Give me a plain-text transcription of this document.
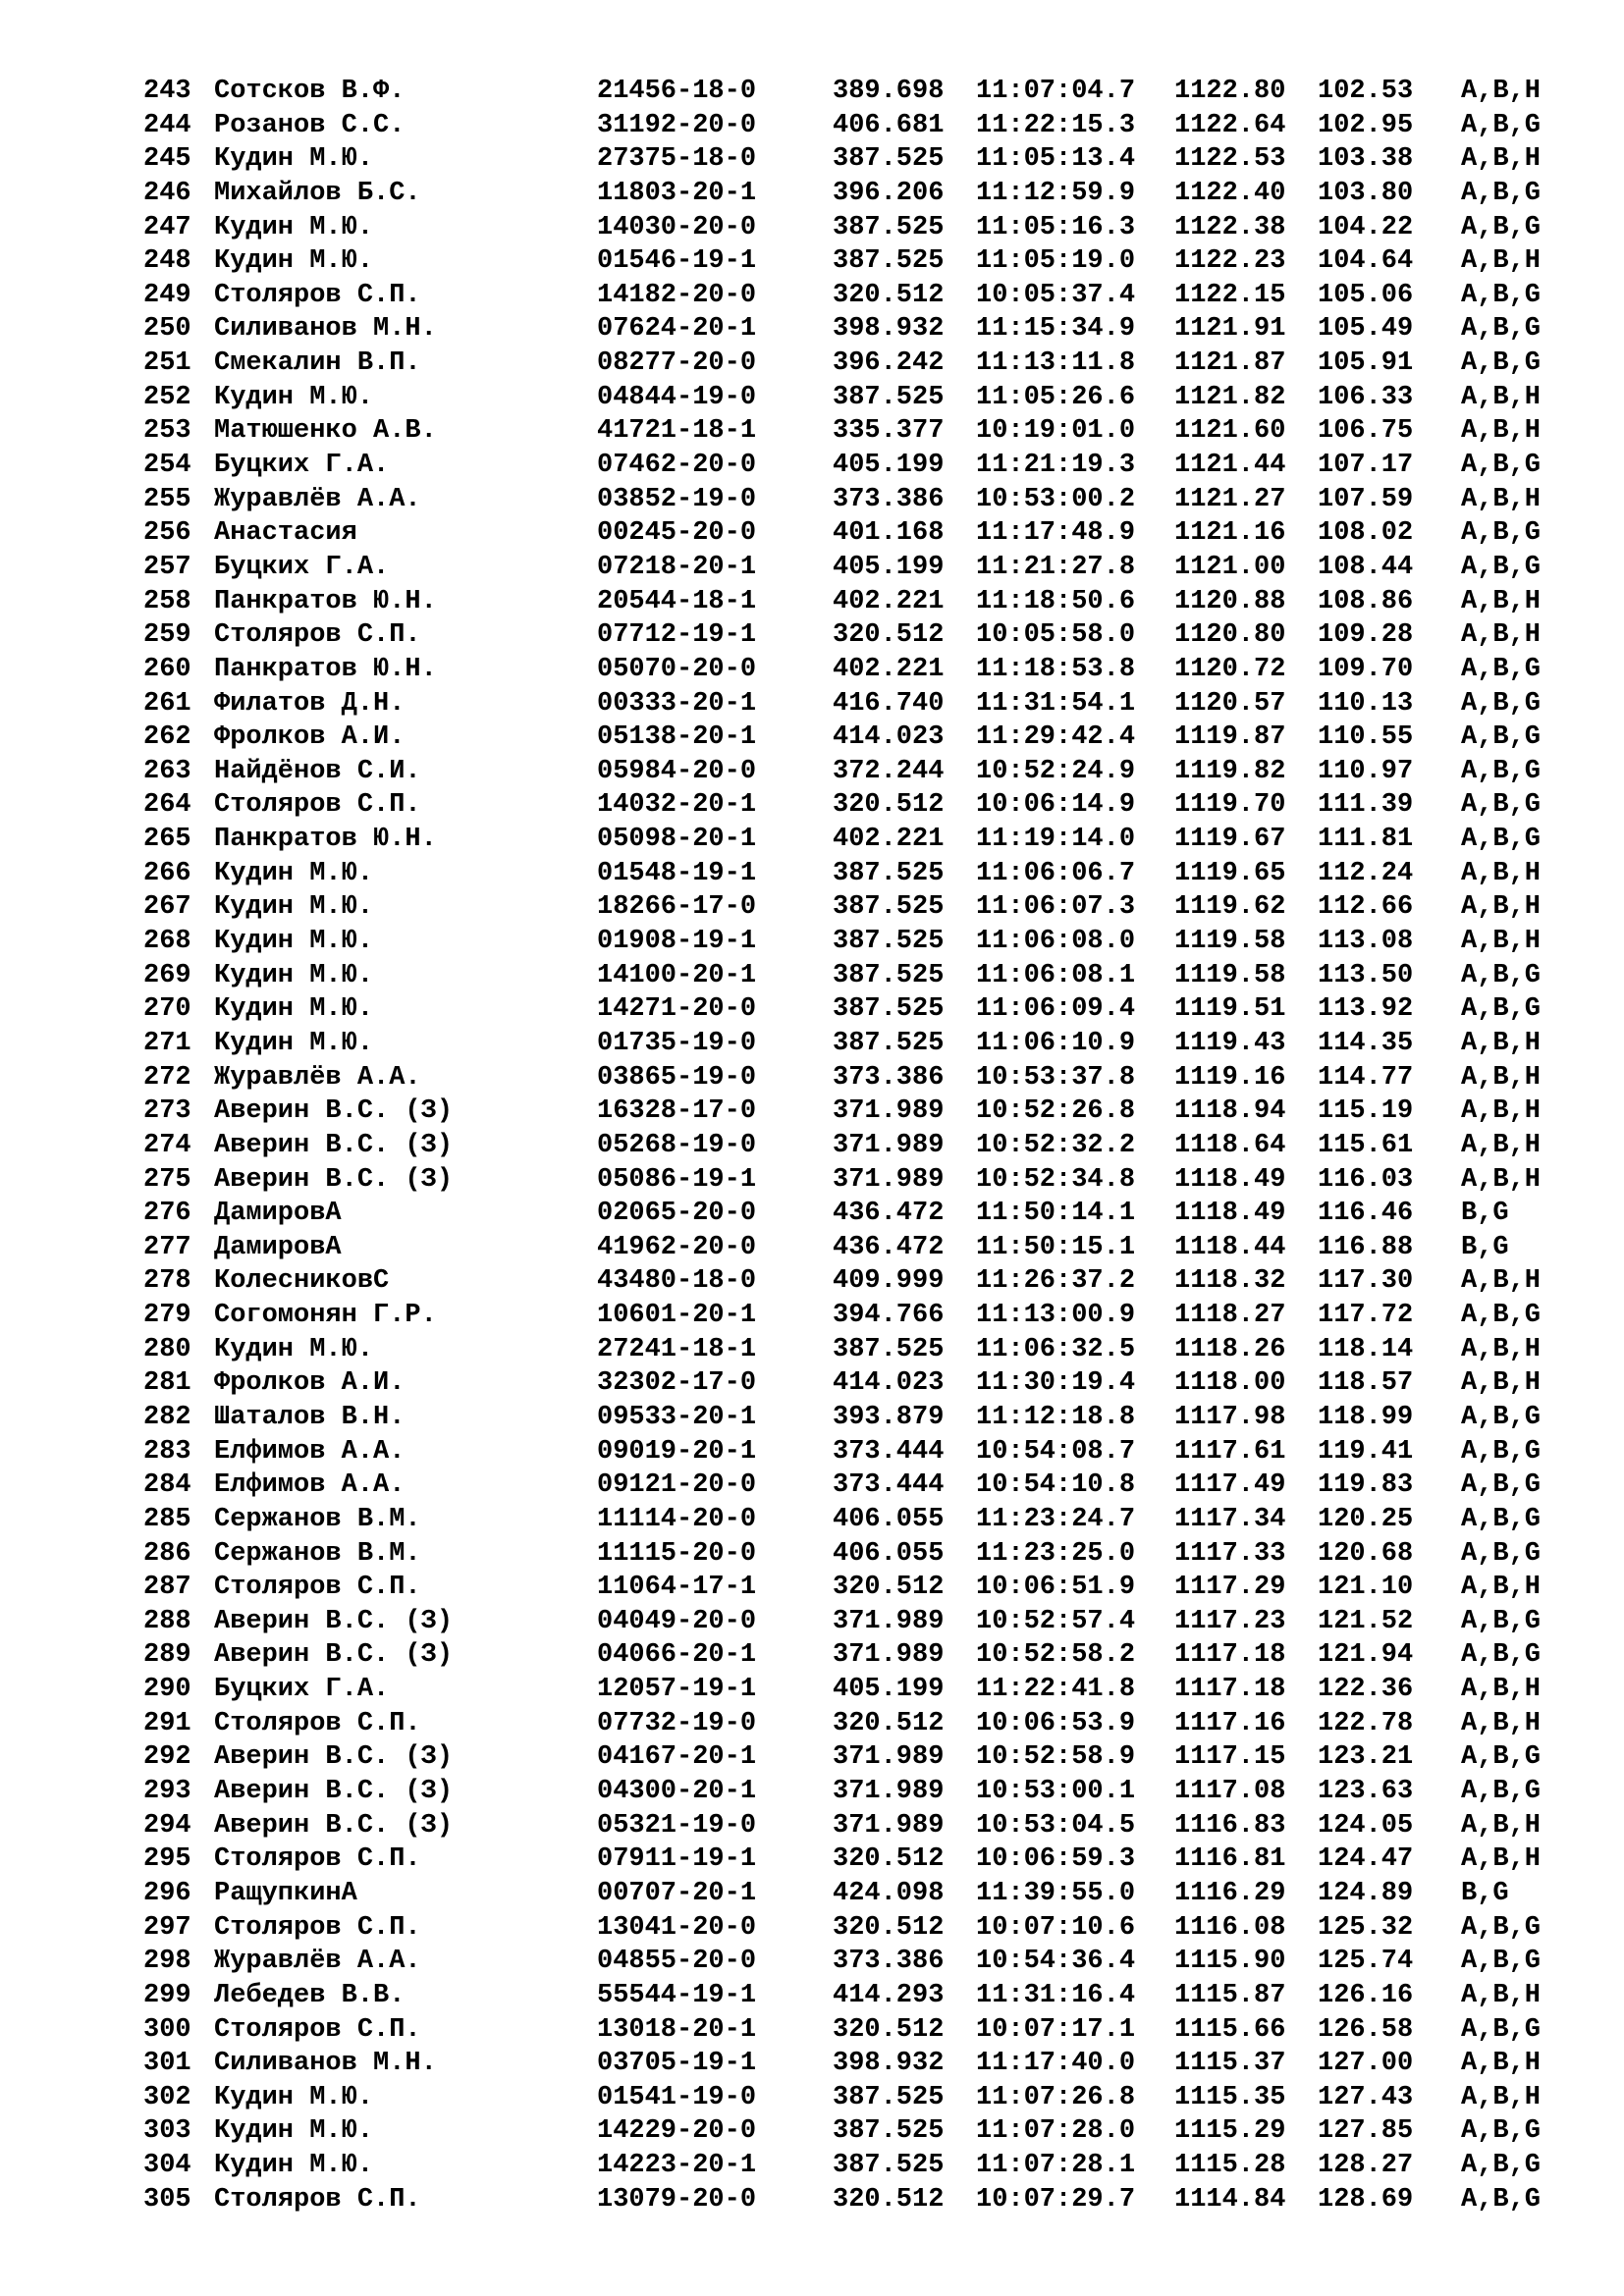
243 Сотсков В.Ф.	21456-18-0	389.698 11:07:04.7 1122.80 102.53 A,B,H
244 Розанов С.С.	31192-20-0	406.681 11:22:15.3 1122.64 102.95 A,B,G
245 Кудин М.Ю.	27375-18-0	387.525 11:05:13.4 1122.53 103.38 A,B,H
246 Михайлов Б.С.	11803-20-1	396.206 11:12:59.9 1122.40 103.80 A,B,G
247 Кудин М.Ю.	14030-20-0	387.525 11:05:16.3 1122.38 104.22 A,B,G
248 Кудин М.Ю.	01546-19-1	387.525 11:05:19.0 1122.23 104.64 A,B,H
249 Столяров С.П.	14182-20-0	320.512 10:05:37.4 1122.15 105.06 A,B,G
250 Силиванов М.Н.	07624-20-1	398.932 11:15:34.9 1121.91 105.49 A,B,G
251 Смекалин В.П.	08277-20-0	396.242 11:13:11.8 1121.87 105.91 A,B,G
252 Кудин М.Ю.	04844-19-0	387.525 11:05:26.6 1121.82 106.33 A,B,H
253 Матюшенко А.В.	41721-18-1	335.377 10:19:01.0 1121.60 106.75 A,B,H
254 Буцких Г.А.	07462-20-0	405.199 11:21:19.3 1121.44 107.17 A,B,G
255 Журавлёв А.А.	03852-19-0	373.386 10:53:00.2 1121.27 107.59 A,B,H
256 Анастасия	00245-20-0	401.168 11:17:48.9 1121.16 108.02 A,B,G
257 Буцких Г.А.	07218-20-1	405.199 11:21:27.8 1121.00 108.44 A,B,G
258 Панкратов Ю.Н.	20544-18-1	402.221 11:18:50.6 1120.88 108.86 A,B,H
259 Столяров С.П.	07712-19-1	320.512 10:05:58.0 1120.80 109.28 A,B,H
260 Панкратов Ю.Н.	05070-20-0	402.221 11:18:53.8 1120.72 109.70 A,B,G
261 Филатов Д.Н.	00333-20-1	416.740 11:31:54.1 1120.57 110.13 A,B,G
262 Фролков А.И.	05138-20-1	414.023 11:29:42.4 1119.87 110.55 A,B,G
263 Найдёнов С.И.	05984-20-0	372.244 10:52:24.9 1119.82 110.97 A,B,G
264 Столяров С.П.	14032-20-1	320.512 10:06:14.9 1119.70 111.39 A,B,G
265 Панкратов Ю.Н.	05098-20-1	402.221 11:19:14.0 1119.67 111.81 A,B,G
266 Кудин М.Ю.	01548-19-1	387.525 11:06:06.7 1119.65 112.24 A,B,H
267 Кудин М.Ю.	18266-17-0	387.525 11:06:07.3 1119.62 112.66 A,B,H
268 Кудин М.Ю.	01908-19-1	387.525 11:06:08.0 1119.58 113.08 A,B,H
269 Кудин М.Ю.	14100-20-1	387.525 11:06:08.1 1119.58 113.50 A,B,G
270 Кудин М.Ю.	14271-20-0	387.525 11:06:09.4 1119.51 113.92 A,B,G
271 Кудин М.Ю.	01735-19-0	387.525 11:06:10.9 1119.43 114.35 A,B,H
272 Журавлёв А.А.	03865-19-0	373.386 10:53:37.8 1119.16 114.77 A,B,H
273 Аверин В.С. (З)	16328-17-0	371.989 10:52:26.8 1118.94 115.19 A,B,H
274 Аверин В.С. (З)	05268-19-0	371.989 10:52:32.2 1118.64 115.61 A,B,H
275 Аверин В.С. (З)	05086-19-1	371.989 10:52:34.8 1118.49 116.03 A,B,H
276 ДамировА	02065-20-0	436.472 11:50:14.1 1118.49 116.46 B,G
277 ДамировА	41962-20-0	436.472 11:50:15.1 1118.44 116.88 B,G
278 КолесниковС	43480-18-0	409.999 11:26:37.2 1118.32 117.30 A,B,H
279 Согомонян Г.Р.	10601-20-1	394.766 11:13:00.9 1118.27 117.72 A,B,G
280 Кудин М.Ю.	27241-18-1	387.525 11:06:32.5 1118.26 118.14 A,B,H
281 Фролков А.И.	32302-17-0	414.023 11:30:19.4 1118.00 118.57 A,B,H
282 Шаталов В.Н.	09533-20-1	393.879 11:12:18.8 1117.98 118.99 A,B,G
283 Елфимов А.А.	09019-20-1	373.444 10:54:08.7 1117.61 119.41 A,B,G
284 Елфимов А.А.	09121-20-0	373.444 10:54:10.8 1117.49 119.83 A,B,G
285 Сержанов В.М.	11114-20-0	406.055 11:23:24.7 1117.34 120.25 A,B,G
286 Сержанов В.М.	11115-20-0	406.055 11:23:25.0 1117.33 120.68 A,B,G
287 Столяров С.П.	11064-17-1	320.512 10:06:51.9 1117.29 121.10 A,B,H
288 Аверин В.С. (З)	04049-20-0	371.989 10:52:57.4 1117.23 121.52 A,B,G
289 Аверин В.С. (З)	04066-20-1	371.989 10:52:58.2 1117.18 121.94 A,B,G
290 Буцких Г.А.	12057-19-1	405.199 11:22:41.8 1117.18 122.36 A,B,H
291 Столяров С.П.	07732-19-0	320.512 10:06:53.9 1117.16 122.78 A,B,H
292 Аверин В.С. (З)	04167-20-1	371.989 10:52:58.9 1117.15 123.21 A,B,G
293 Аверин В.С. (З)	04300-20-1	371.989 10:53:00.1 1117.08 123.63 A,B,G
294 Аверин В.С. (З)	05321-19-0	371.989 10:53:04.5 1116.83 124.05 A,B,H
295 Столяров С.П.	07911-19-1	320.512 10:06:59.3 1116.81 124.47 A,B,H
296 РащупкинА	00707-20-1	424.098 11:39:55.0 1116.29 124.89 B,G
297 Столяров С.П.	13041-20-0	320.512 10:07:10.6 1116.08 125.32 A,B,G
298 Журавлёв А.А.	04855-20-0	373.386 10:54:36.4 1115.90 125.74 A,B,G
299 Лебедев В.В.	55544-19-1	414.293 11:31:16.4 1115.87 126.16 A,B,H
300 Столяров С.П.	13018-20-1	320.512 10:07:17.1 1115.66 126.58 A,B,G
301 Силиванов М.Н.	03705-19-1	398.932 11:17:40.0 1115.37 127.00 A,B,H
302 Кудин М.Ю.	01541-19-0	387.525 11:07:26.8 1115.35 127.43 A,B,H
303 Кудин М.Ю.	14229-20-0	387.525 11:07:28.0 1115.29 127.85 A,B,G
304 Кудин М.Ю.	14223-20-1	387.525 11:07:28.1 1115.28 128.27 A,B,G
305 Столяров С.П.	13079-20-0	320.512 10:07:29.7 1114.84 128.69 A,B,G
